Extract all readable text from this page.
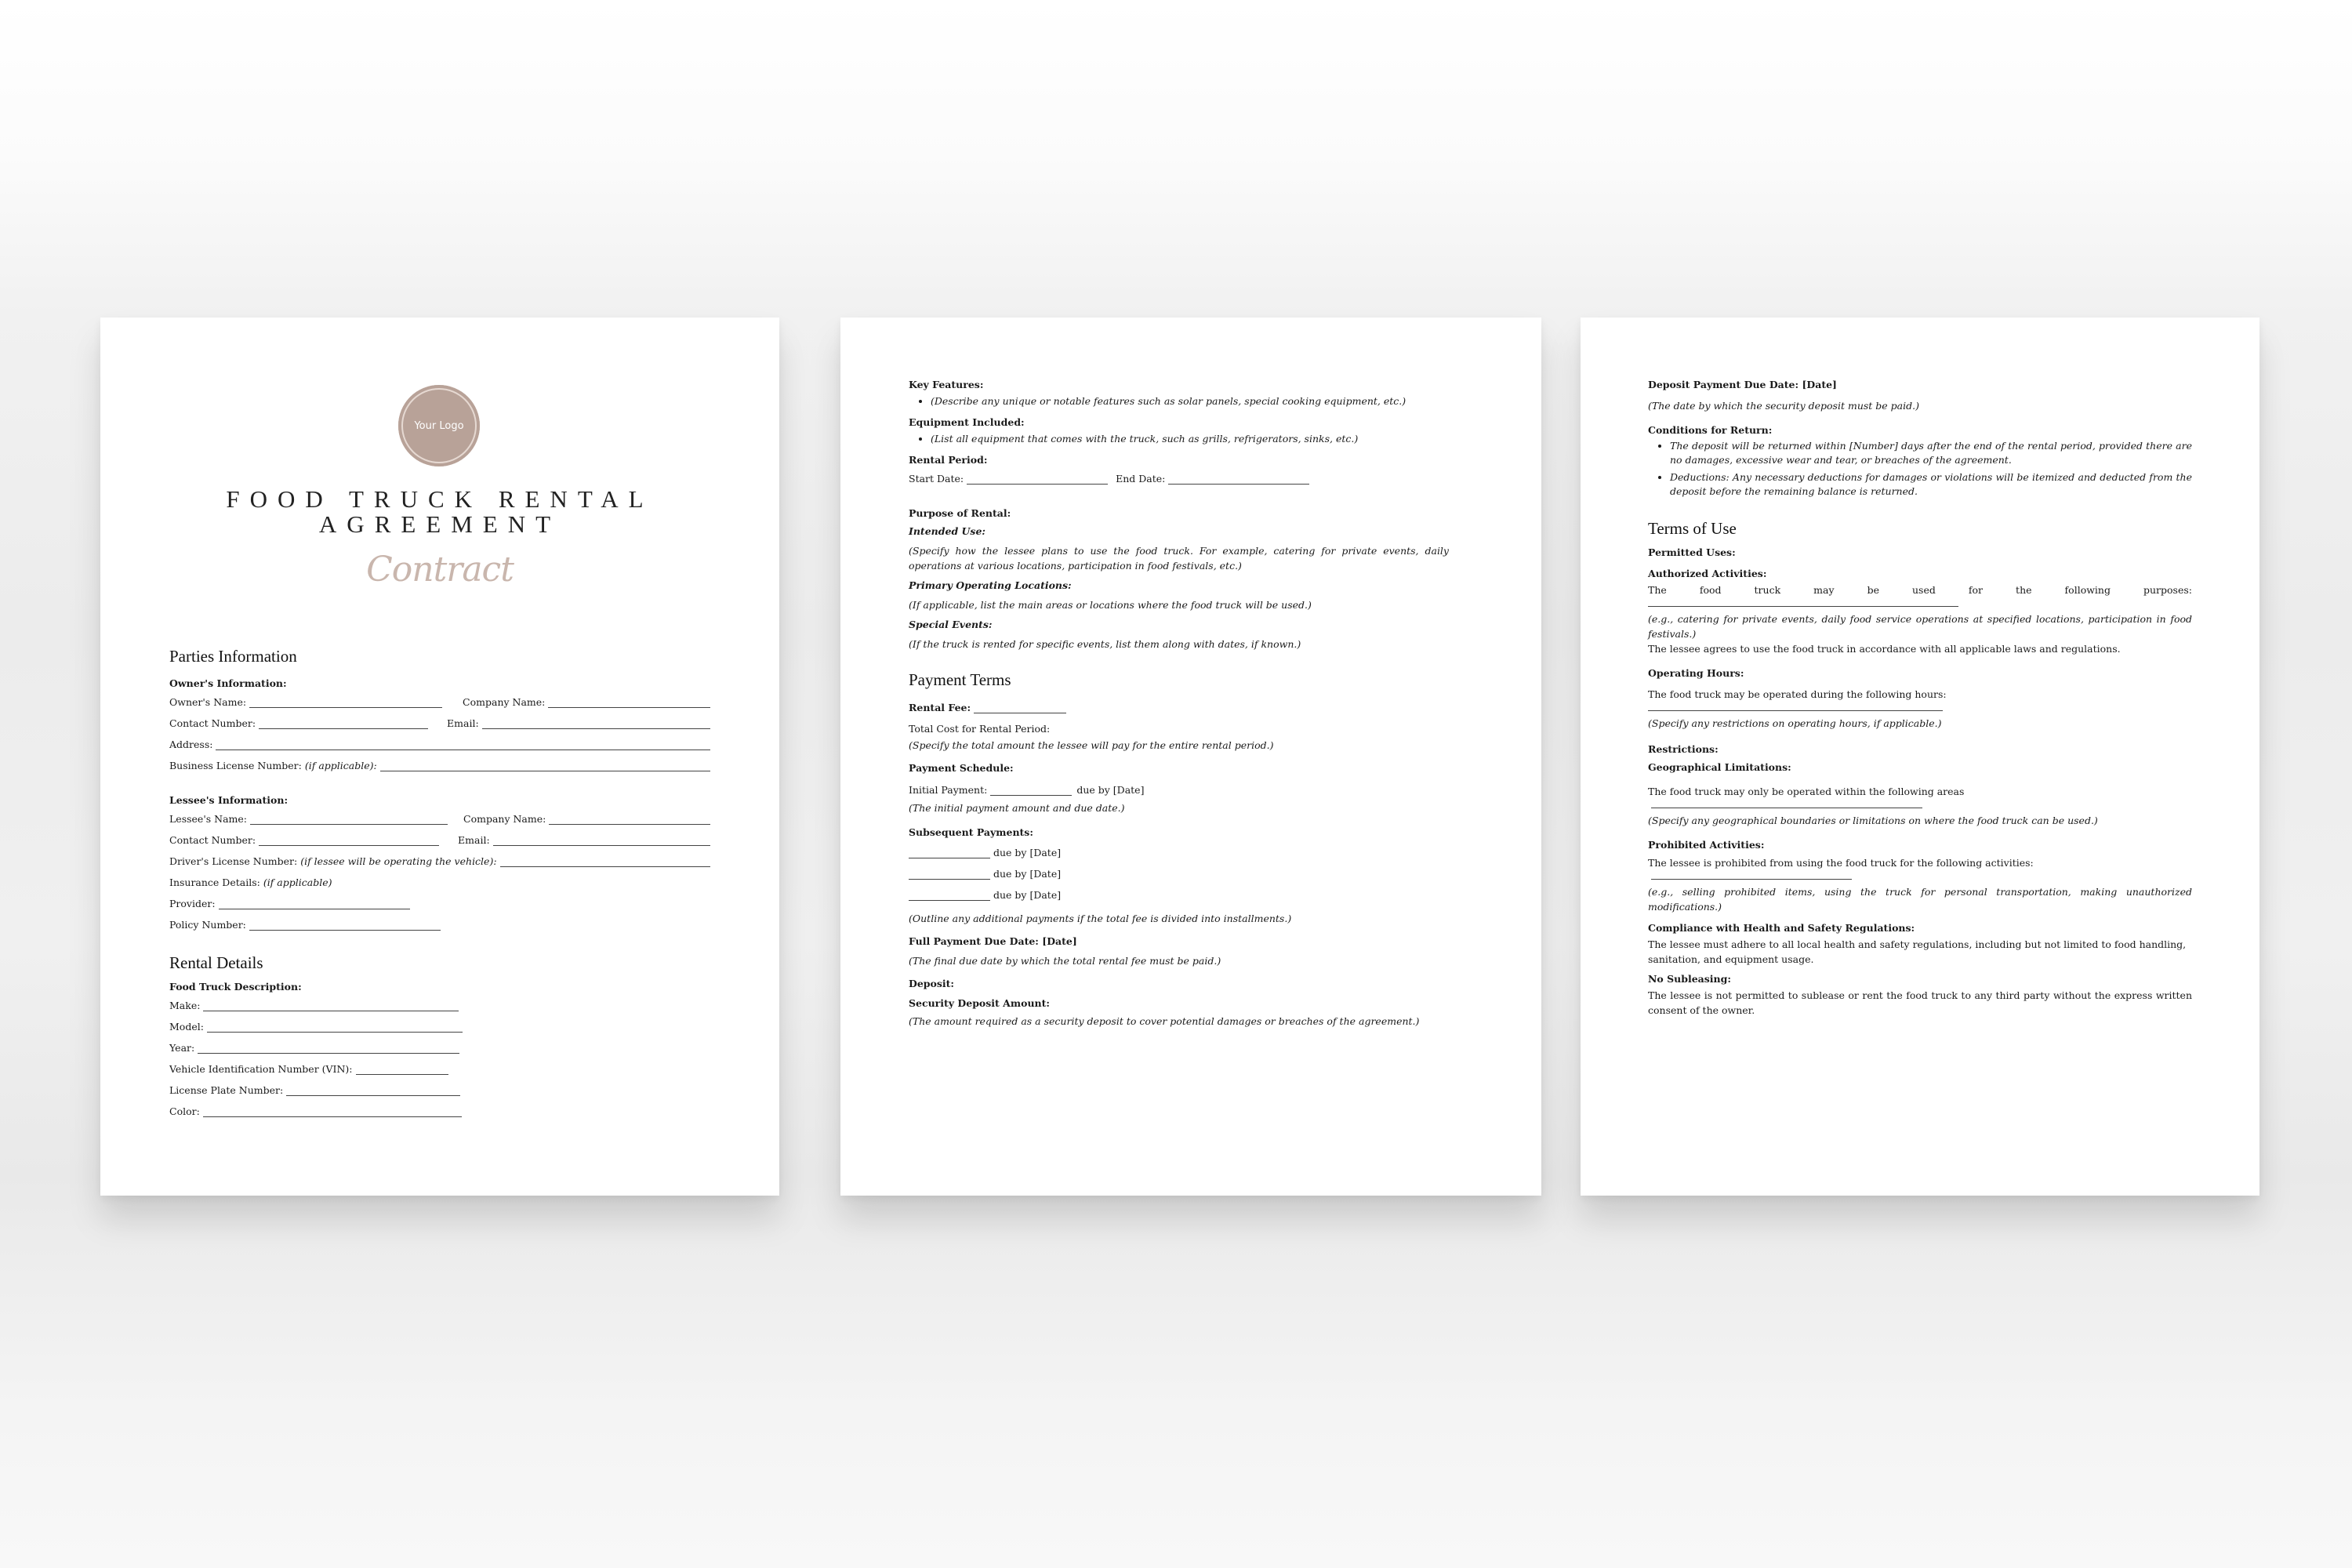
Your Logo
FOOD TRUCK RENTAL
AGREEMENT
Contract
Parties Information
Owner's Information:
Owner's Name:	Company Name:
Contact Number:	Email:
Address:
Business License Number:
(if applicable):
Lessee's Information:
Lessee's Name:	Company Name:
Contact Number:	Email:
Driver's License Number:
(if lessee will be operating the vehicle):
Insurance Details:
(if applicable)
Provider:
Policy Number:
Rental Details
Food Truck Description:
Make:
Model:
Year:
Vehicle Identification Number (VIN):
License Plate Number:
Color:
Key Features:
• (Describe any unique or notable features such as solar panels, special cooking equipment, etc.)
Equipment Included:
• (List all equipment that comes with the truck, such as grills, refrigerators, sinks, etc.)
Rental Period:
Start Date:	End Date:
Purpose of Rental:
Intended Use:
(Specify how the lessee plans to use the food truck. For example, catering for private events, daily operations at various locations, participation in food festivals, etc.)
Primary Operating Locations:
(If applicable, list the main areas or locations where the food truck will be used.)
Special Events:
(If the truck is rented for specific events, list them along with dates, if known.)
Payment Terms
Rental Fee:
Total Cost for Rental Period:
(Specify the total amount the lessee will pay for the entire rental period.)
Payment Schedule:
Initial Payment:	due by [Date]
(The initial payment amount and due date.)
Subsequent Payments:
due by [Date]
due by [Date]
due by [Date]
(Outline any additional payments if the total fee is divided into installments.)
Full Payment Due Date: [Date]
(The final due date by which the total rental fee must be paid.)
Deposit:
Security Deposit Amount:
(The amount required as a security deposit to cover potential damages or breaches of the agreement.)
Deposit Payment Due Date: [Date]
(The date by which the security deposit must be paid.)
Conditions for Return:
• The deposit will be returned within [Number] days after the end of the rental period, provided there are no damages, excessive wear and tear, or breaches of the agreement.
• Deductions: Any necessary deductions for damages or violations will be itemized and deducted from the deposit before the remaining balance is returned.
Terms of Use
Permitted Uses:
Authorized Activities:
The food truck may be used for the following purposes:
(e.g., catering for private events, daily food service operations at specified locations, participation in food festivals.)
The lessee agrees to use the food truck in accordance with all applicable laws and regulations.
Operating Hours:
The food truck may be operated during the following hours:
(Specify any restrictions on operating hours, if applicable.)
Restrictions:
Geographical Limitations:
The food truck may only be operated within the following areas
(Specify any geographical boundaries or limitations on where the food truck can be used.)
Prohibited Activities:
The lessee is prohibited from using the food truck for the following activities:
(e.g., selling prohibited items, using the truck for personal transportation, making unauthorized modifications.)
Compliance with Health and Safety Regulations:
The lessee must adhere to all local health and safety regulations, including but not limited to food handling, sanitation, and equipment usage.
No Subleasing:
The lessee is not permitted to sublease or rent the food truck to any third party without the express written consent of the owner.
